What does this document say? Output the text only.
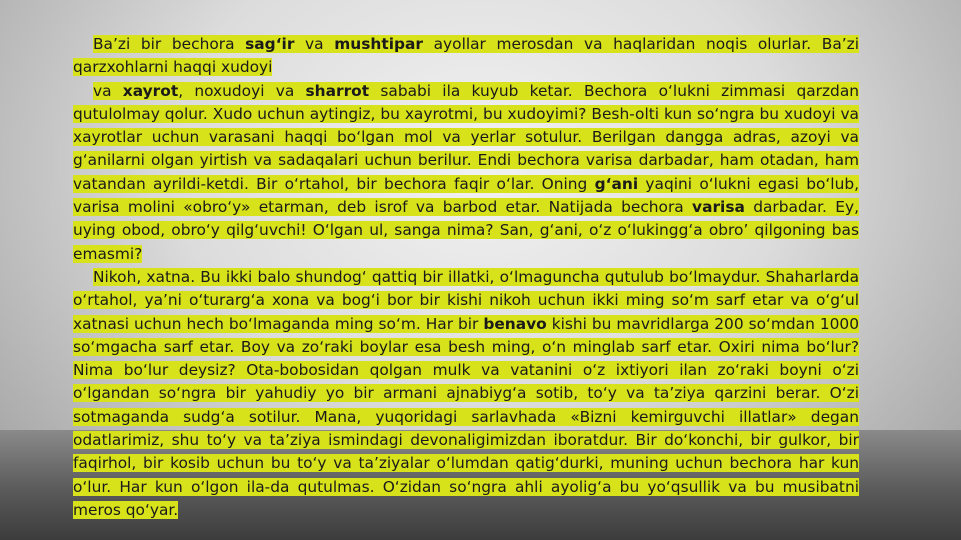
Ba’zi bir bechora sag‘ir va mushtipar ayollar merosdan va haqlaridan noqis olurlar. Ba’zi qarzxohlarni haqqi xudoyi

va xayrot, noxudoyi va sharrot sababi ila kuyub ketar. Bechora o‘lukni zimmasi qarzdan qutulolmay qolur. Xudo uchun aytingiz, bu xayrotmi, bu xudoyimi? Besh-olti kun so‘ngra bu xudoyi va xayrotlar uchun varasani haqqi bo‘lgan mol va yerlar sotulur. Berilgan dangga adras, azoyi va g‘anilarni olgan yirtish va sadaqalari uchun berilur. Endi bechora varisa darbadar, ham otadan, ham vatandan ayrildi-ketdi. Bir o‘rtahol, bir bechora faqir o‘lar. Oning g‘ani yaqini o‘lukni egasi bo‘lub, varisa molini «obro‘y» etarman, deb isrof va barbod etar. Natijada bechora varisa darbadar. Ey, uying obod, obro‘y qilg‘uvchi! O‘lgan ul, sanga nima? San, g‘ani, o‘z o‘lukingg‘a obro’ qilgoning bas emasmi?

Nikoh, xatna. Bu ikki balo shundog‘ qattiq bir illatki, o‘lmaguncha qutulub bo‘lmaydur. Shaharlarda o‘rtahol, ya’ni o‘turarg‘a xona va bog‘i bor bir kishi nikoh uchun ikki ming so‘m sarf etar va o‘g‘ul xatnasi uchun hech bo‘lmaganda ming so‘m. Har bir benavo kishi bu mavridlarga 200 so‘mdan 1000 so‘mgacha sarf etar. Boy va zo‘raki boylar esa besh ming, o‘n minglab sarf etar. Oxiri nima bo‘lur? Nima bo‘lur deysiz? Ota-bobosidan qolgan mulk va vatanini o‘z ixtiyori ilan zo‘raki boyni o‘zi o‘lgandan so‘ngra bir yahudiy yo bir armani ajnabiyg‘a sotib, to‘y va ta’ziya qarzini berar. O‘zi sotmaganda sudg‘a sotilur. Mana, yuqoridagi sarlavhada «Bizni kemirguvchi illatlar» degan odatlarimiz, shu to‘y va ta’ziya ismindagi devonaligimizdan iboratdur. Bir do‘konchi, bir gulkor, bir faqirhol, bir kosib uchun bu to‘y va ta’ziyalar o‘lumdan qatig‘durki, muning uchun bechora har kun o‘lur. Har kun o‘lgon ila-da qutulmas. O‘zidan so‘ngra ahli ayolig‘a bu yo‘qsullik va bu musibatni meros qo‘yar.
